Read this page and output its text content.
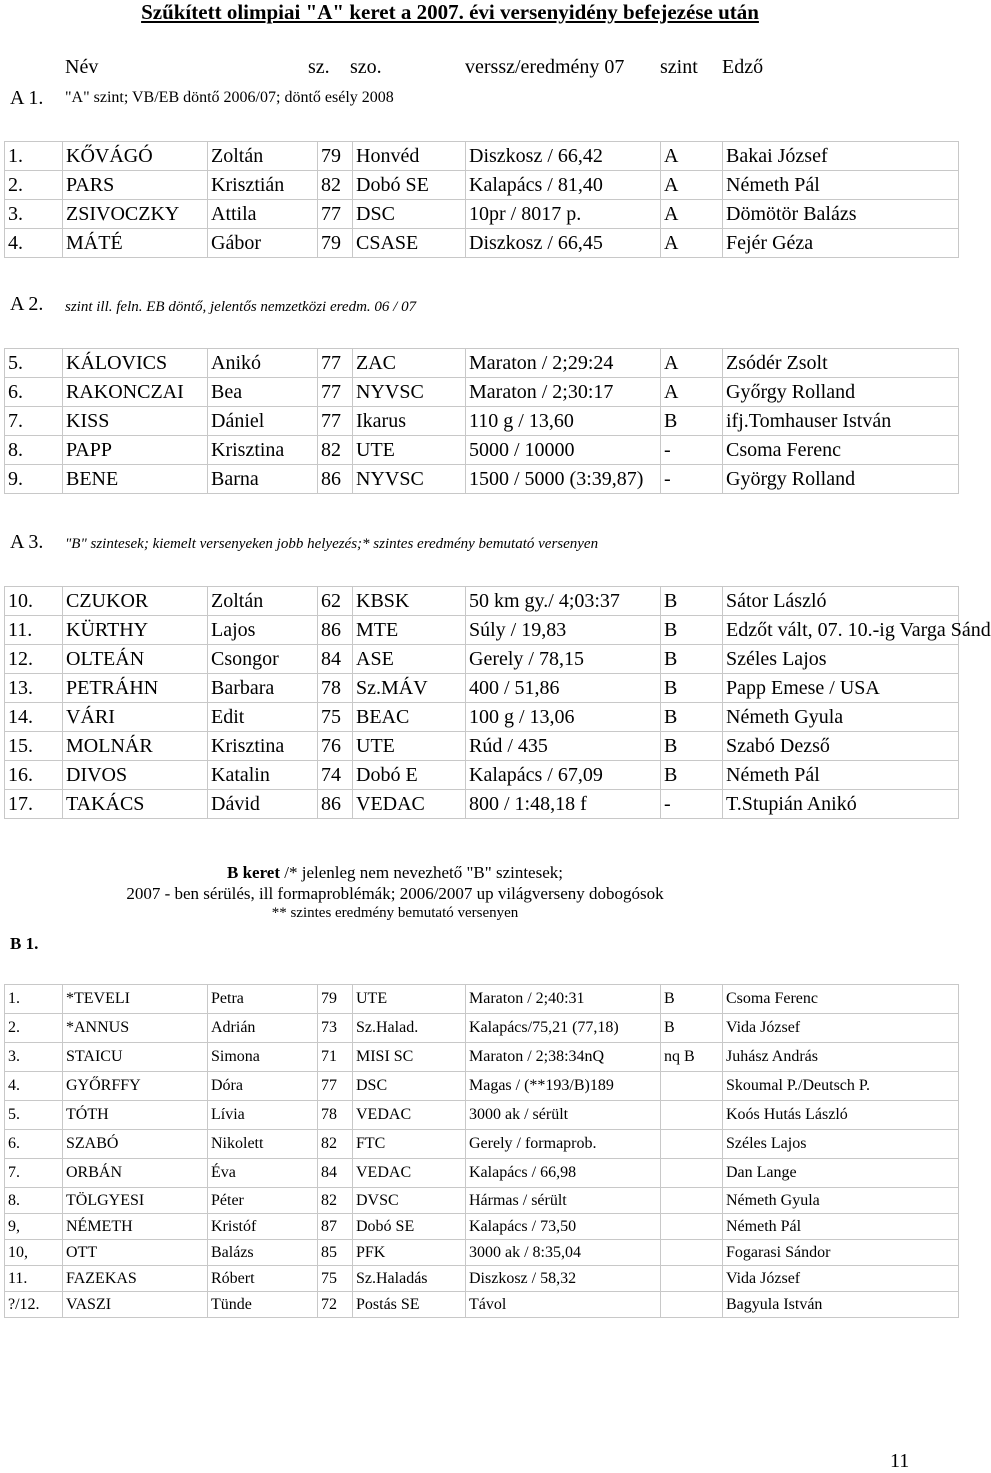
Szűkített olimpiai "A" keret a 2007. évi versenyidény befejezése után
Név	sz. szo.	verssz/eredmény 07 szint Edző
A 1. "A" szint; VB/EB döntő 2006/07; döntő esély 2008
1.	KŐVÁGÓ	Zoltán	79	Honvéd	Diszkosz / 66,42	A	Bakai József
2.	PARS	Krisztián	82	Dobó SE	Kalapács / 81,40	A	Németh Pál
3.	ZSIVOCZKY	Attila	77	DSC	10pr / 8017 p.	A	Dömötör Balázs
4.	MÁTÉ	Gábor	79	CSASE	Diszkosz / 66,45	A	Fejér Géza
A 2. szint ill. feln. EB döntő, jelentős nemzetközi eredm. 06 / 07
5.	KÁLOVICS	Anikó	77	ZAC	Maraton / 2;29:24	A	Zsódér Zsolt
6.	RAKONCZAI	Bea	77	NYVSC	Maraton / 2;30:17	A	Győrgy Rolland
7.	KISS	Dániel	77	Ikarus	110 g / 13,60	B	ifj.Tomhauser István
8.	PAPP	Krisztina	82	UTE	5000 / 10000	-	Csoma Ferenc
9.	BENE	Barna	86	NYVSC	1500 / 5000 (3:39,87)	-	György Rolland
A 3. "B" szintesek; kiemelt versenyeken jobb helyezés;* szintes eredmény bemutató versenyen
10.	CZUKOR	Zoltán	62	KBSK	50 km gy./ 4;03:37	B	Sátor László
11.	KÜRTHY	Lajos	86	MTE	Súly / 19,83	B	Edzőt vált, 07. 10.-ig Varga Sánd
12.	OLTEÁN	Csongor	84	ASE	Gerely / 78,15	B	Széles Lajos
13.	PETRÁHN	Barbara	78	Sz.MÁV	400 / 51,86	B	Papp Emese / USA
14.	VÁRI	Edit	75	BEAC	100 g / 13,06	B	Németh Gyula
15.	MOLNÁR	Krisztina	76	UTE	Rúd / 435	B	Szabó Dezső
16.	DIVOS	Katalin	74	Dobó E	Kalapács / 67,09	B	Németh Pál
17.	TAKÁCS	Dávid	86	VEDAC	800 / 1:48,18 f	-	T.Stupián Anikó
B keret /* jelenleg nem nevezhető "B" szintesek;
2007 - ben sérülés, ill formaproblémák; 2006/2007 up világverseny dobogósok
** szintes eredmény bemutató versenyen
B 1.
1.	*TEVELI	Petra	79	UTE	Maraton / 2;40:31	B	Csoma Ferenc
2.	*ANNUS	Adrián	73	Sz.Halad.	Kalapács/75,21 (77,18)	B	Vida József
3.	STAICU	Simona	71	MISI SC	Maraton / 2;38:34nQ	nq B	Juhász András
4.	GYŐRFFY	Dóra	77	DSC	Magas / (**193/B)189		Skoumal P./Deutsch P.
5.	TÓTH	Lívia	78	VEDAC	3000 ak / sérült		Koós Hutás László
6.	SZABÓ	Nikolett	82	FTC	Gerely / formaprob.		Széles Lajos
7.	ORBÁN	Éva	84	VEDAC	Kalapács / 66,98		Dan Lange
8.	TÖLGYESI	Péter	82	DVSC	Hármas / sérült		Németh Gyula
9,	NÉMETH	Kristóf	87	Dobó SE	Kalapács / 73,50		Németh Pál
10,	OTT	Balázs	85	PFK	3000 ak / 8:35,04		Fogarasi Sándor
11.	FAZEKAS	Róbert	75	Sz.Haladás	Diszkosz / 58,32		Vida József
?/12.	VASZI	Tünde	72	Postás SE	Távol		Bagyula István
11
